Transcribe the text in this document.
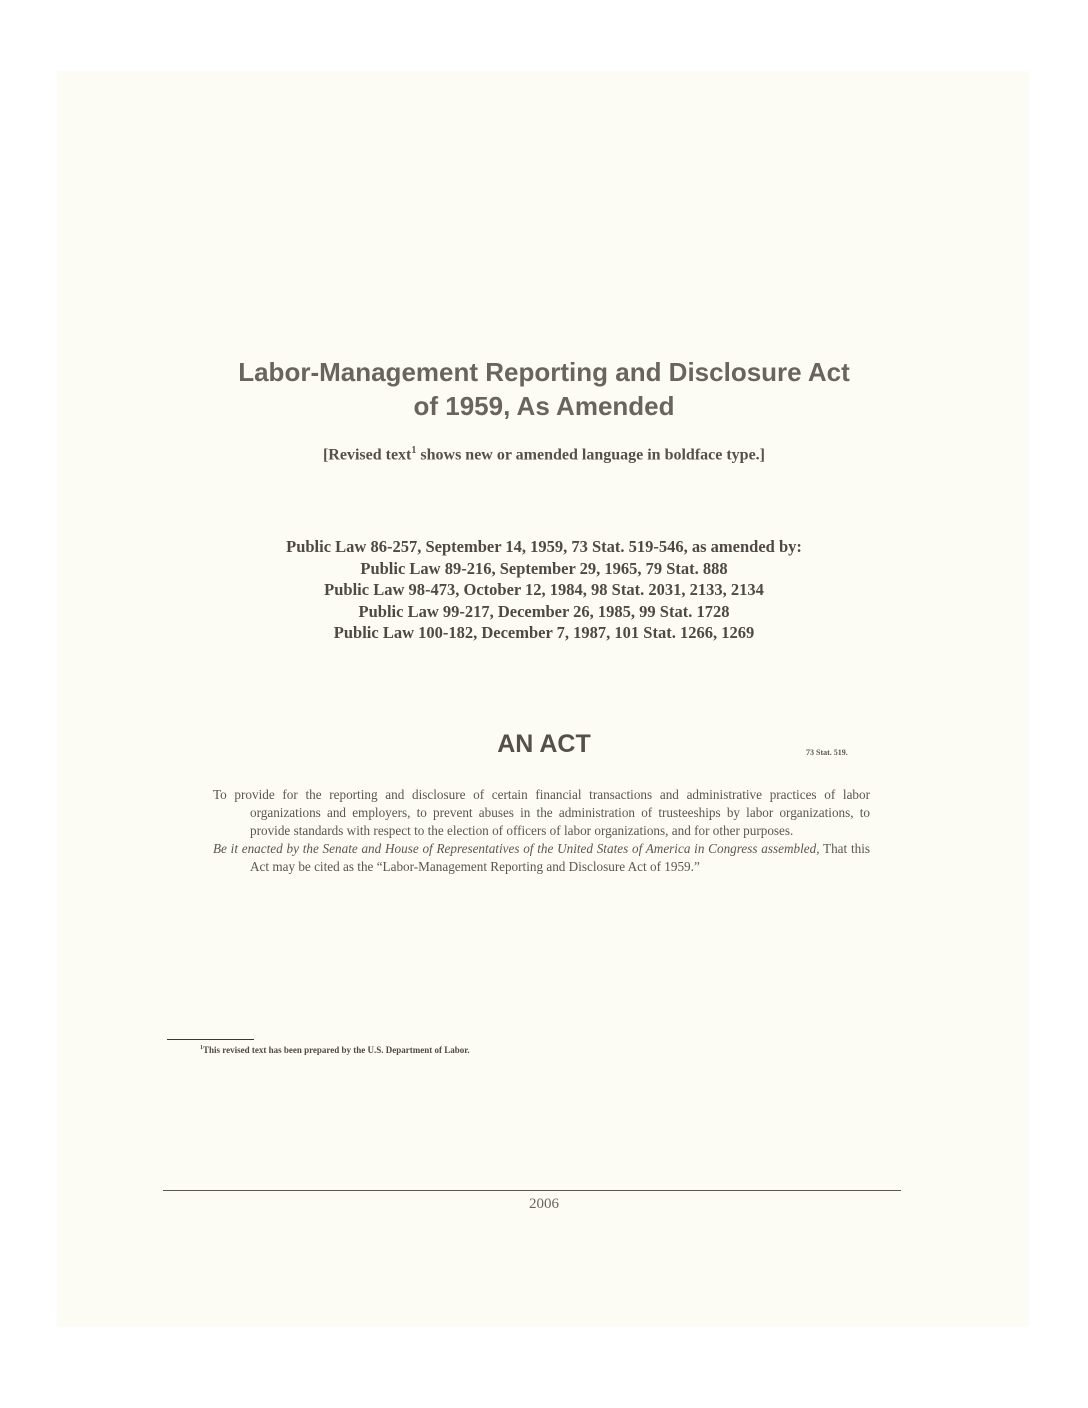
Labor-Management Reporting and Disclosure Act
of 1959, As Amended
[Revised text$^1$ shows new or amended language in boldface type.]
Public Law 86-257, September 14, 1959, 73 Stat. 519-546, as amended by:
Public Law 89-216, September 29, 1965, 79 Stat. 888
Public Law 98-473, October 12, 1984, 98 Stat. 2031, 2133, 2134
Public Law 99-217, December 26, 1985, 99 Stat. 1728
Public Law 100-182, December 7, 1987, 101 Stat. 1266, 1269
AN ACT	73 Stat. 519.

To provide for the reporting and disclosure of certain financial transactions and administrative practices of labor organizations and employers, to prevent abuses in the administration of trusteeships by labor organizations, to provide standards with respect to the election of officers of labor organizations, and for other purposes.

Be it enacted by the Senate and House of Representatives of the United States of America in Congress assembled, That this Act may be cited as the “Labor-Management Reporting and Disclosure Act of 1959.”

$^1$This revised text has been prepared by the U.S. Department of Labor.
2006
